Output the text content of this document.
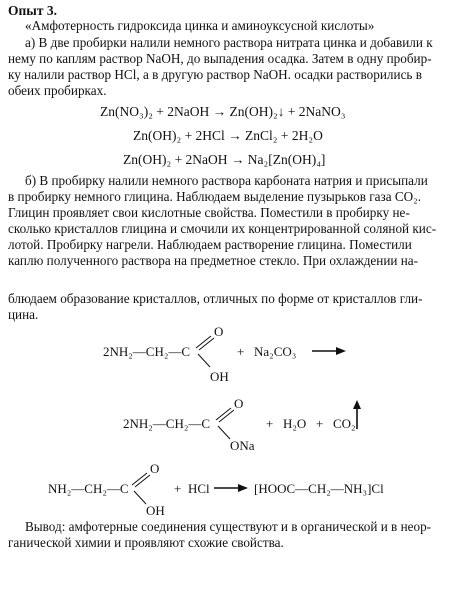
Опыт 3.
«Амфотерность гидроксида цинка и аминоуксусной кислоты»
а) В две пробирки налили немного раствора нитрата цинка и добавили к
нему по каплям раствор NaOH, до выпадения осадка. Затем в одну пробир-
ку налили раствор HCl, а в другую раствор NaOH. осадки растворились в
обеих пробирках.
Zn(NO₃)₂ + 2NaOH → Zn(OH)₂↓ + 2NaNO₃
Zn(OH)₂ + 2HCl → ZnCl₂ + 2H₂O
Zn(OH)₂ + 2NaOH → Na₂[Zn(OH)₄]
б) В пробирку налили немного раствора карбоната натрия и присыпали
в пробирку немного глицина. Наблюдаем выделение пузырьков газа CO₂.
Глицин проявляет свои кислотные свойства. Поместили в пробирку не-
сколько кристаллов глицина и смочили их концентрированной соляной кис-
лотой. Пробирку нагрели. Наблюдаем растворение глицина. Поместили
каплю полученного раствора на предметное стекло. При охлаждении на-
блюдаем образование кристаллов, отличных по форме от кристаллов гли-
цина.
2NH₂—CH₂—C
O
OH
+ Na₂CO₃
2NH₂—CH₂—C
O
ONa
+ H₂O + CO₂
NH₂—CH₂—C
O
OH
+ HCl	[HOOC—CH₂—NH₃]Cl
Вывод: амфотерные соединения существуют и в органической и в неор-
ганической химии и проявляют схожие свойства.
